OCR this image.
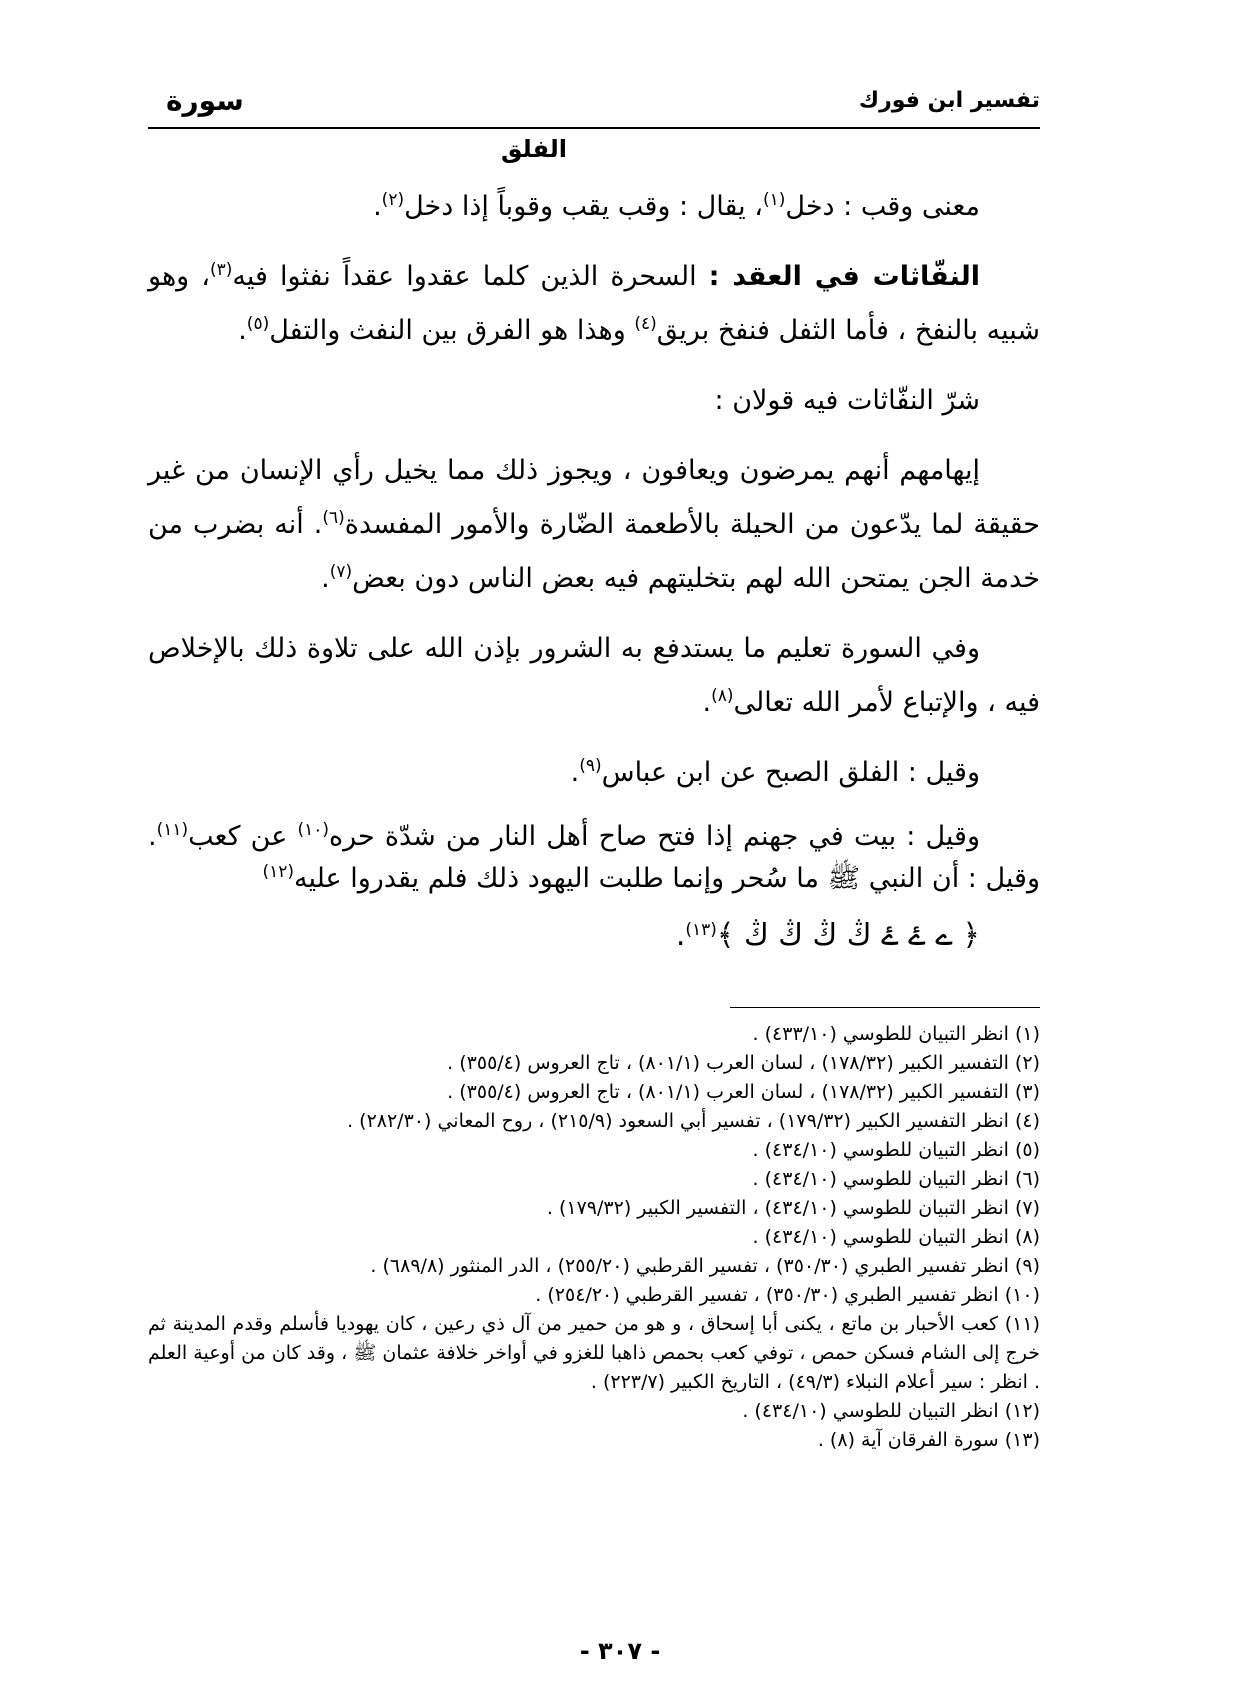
تفسير ابن فورك
سورة
الفلق

معنى وقب : دخل$^{(١)}$، يقال : وقب يقب وقوباً إذا دخل$^{(٢)}$.

النفّاثات في العقد : السحرة الذين كلما عقدوا عقداً نفثوا فيه$^{(٣)}$، وهو شبيه بالنفخ ، فأما الثفل فنفخ بريق$^{(٤)}$ وهذا هو الفرق بين النفث والتفل$^{(٥)}$.

شرّ النفّاثات فيه قولان :

إيهامهم أنهم يمرضون ويعافون ، ويجوز ذلك مما يخيل رأي الإنسان من غير حقيقة لما يدّعون من الحيلة بالأطعمة الضّارة والأمور المفسدة$^{(٦)}$. أنه بضرب من خدمة الجن يمتحن الله لهم بتخليتهم فيه بعض الناس دون بعض$^{(٧)}$.

وفي السورة تعليم ما يستدفع به الشرور بإذن الله على تلاوة ذلك بالإخلاص فيه ، والإتباع لأمر الله تعالى$^{(٨)}$.

وقيل : الفلق الصبح عن ابن عباس$^{(٩)}$.

وقيل : بيت في جهنم إذا فتح صاح أهل النار من شدّة حره$^{(١٠)}$ عن كعب$^{(١١)}$. وقيل : أن النبي ﷺ ما سُحر وإنما طلبت اليهود ذلك فلم يقدروا عليه$^{(١٢)}$

﴿ ے ۓ ۓ ڭ ڭ ڭ ڭ ﴾$^{(١٣)}$.

(١) انظر التبيان للطوسي (٤٣٣/١٠) .

(٢) التفسير الكبير (١٧٨/٣٢) ، لسان العرب (٨٠١/١) ، تاج العروس (٣٥٥/٤) .

(٣) التفسير الكبير (١٧٨/٣٢) ، لسان العرب (٨٠١/١) ، تاج العروس (٣٥٥/٤) .

(٤) انظر التفسير الكبير (١٧٩/٣٢) ، تفسير أبي السعود (٢١٥/٩) ، روح المعاني (٢٨٢/٣٠) .

(٥) انظر التبيان للطوسي (٤٣٤/١٠) .

(٦) انظر التبيان للطوسي (٤٣٤/١٠) .

(٧) انظر التبيان للطوسي (٤٣٤/١٠) ، التفسير الكبير (١٧٩/٣٢) .

(٨) انظر التبيان للطوسي (٤٣٤/١٠) .

(٩) انظر تفسير الطبري (٣٥٠/٣٠) ، تفسير القرطبي (٢٥٥/٢٠) ، الدر المنثور (٦٨٩/٨) .

(١٠) انظر تفسير الطبري (٣٥٠/٣٠) ، تفسير القرطبي (٢٥٤/٢٠) .

(١١) كعب الأحبار بن ماتع ، يكنى أبا إسحاق ، و هو من حمير من آل ذي رعين ، كان يهوديا فأسلم وقدم المدينة ثم خرج إلى الشام فسكن حمص ، توفي كعب بحمص ذاهبا للغزو في أواخر خلافة عثمان ﷺ ، وقد كان من أوعية العلم . انظر : سير أعلام النبلاء (٤٩/٣) ، التاريخ الكبير (٢٢٣/٧) .

(١٢) انظر التبيان للطوسي (٤٣٤/١٠) .

(١٣) سورة الفرقان آية (٨) .

- ٣٠٧ -
